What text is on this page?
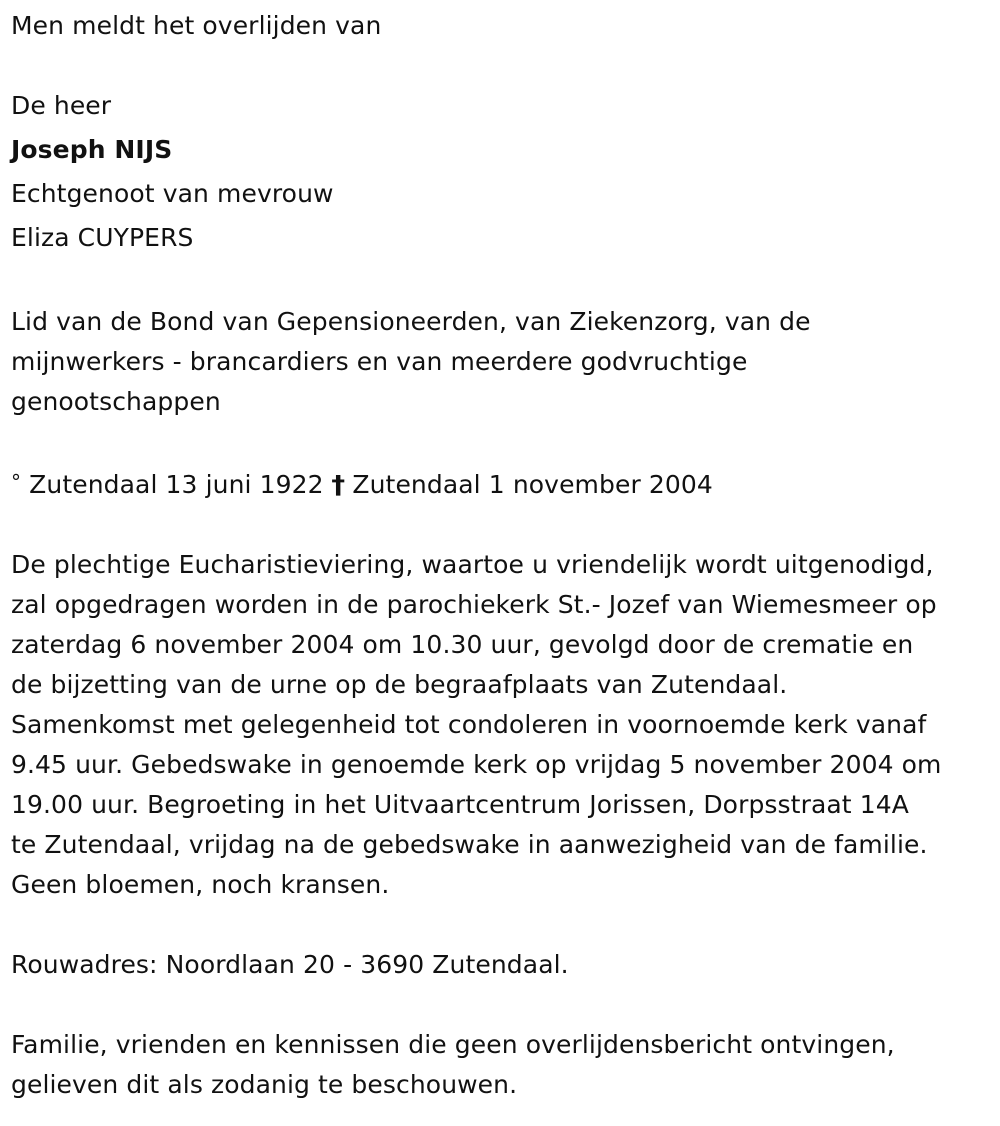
Men meldt het overlijden van
De heer
Joseph NIJS
Echtgenoot van mevrouw
Eliza CUYPERS
Lid van de Bond van Gepensioneerden, van Ziekenzorg, van de
mijnwerkers - brancardiers en van meerdere godvruchtige
genootschappen
° Zutendaal 13 juni 1922 † Zutendaal 1 november 2004
De plechtige Eucharistieviering, waartoe u vriendelijk wordt uitgenodigd,
zal opgedragen worden in de parochiekerk St.- Jozef van Wiemesmeer op
zaterdag 6 november 2004 om 10.30 uur, gevolgd door de crematie en
de bijzetting van de urne op de begraafplaats van Zutendaal.
Samenkomst met gelegenheid tot condoleren in voornoemde kerk vanaf
9.45 uur. Gebedswake in genoemde kerk op vrijdag 5 november 2004 om
19.00 uur. Begroeting in het Uitvaartcentrum Jorissen, Dorpsstraat 14A
te Zutendaal, vrijdag na de gebedswake in aanwezigheid van de familie.
Geen bloemen, noch kransen.
Rouwadres: Noordlaan 20 - 3690 Zutendaal.
Familie, vrienden en kennissen die geen overlijdensbericht ontvingen,
gelieven dit als zodanig te beschouwen.
